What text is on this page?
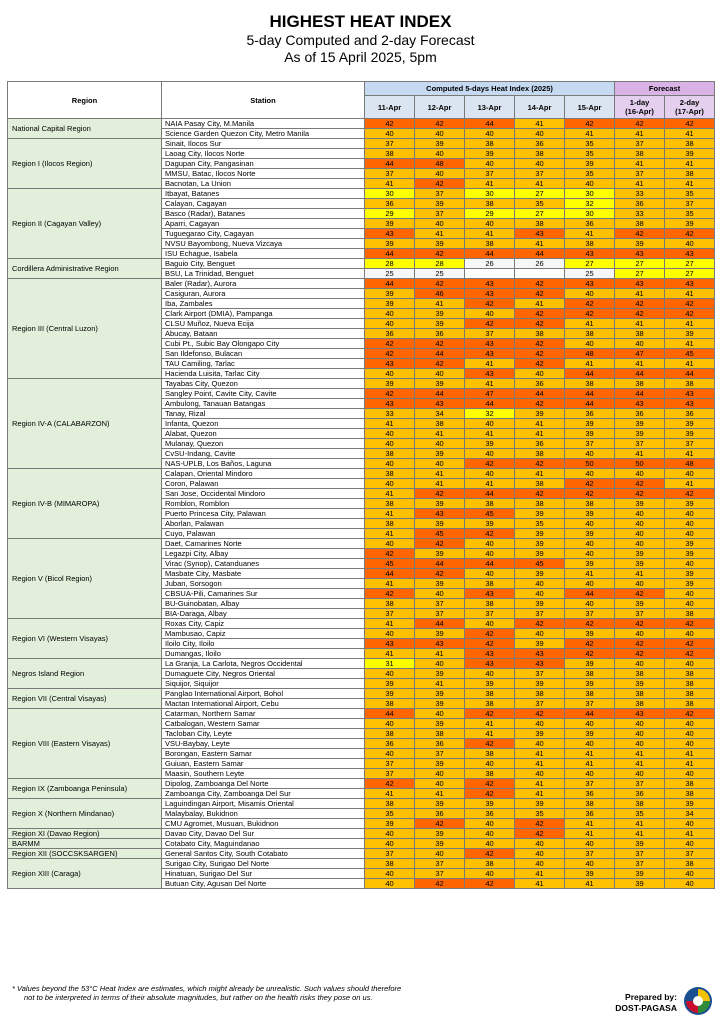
HIGHEST HEAT INDEX
5-day Computed and 2-day Forecast
As of 15 April 2025, 5pm
Region	Station	Computed 5-days Heat Index (2025)					Forecast	
		11-Apr	12-Apr	13-Apr	14-Apr	15-Apr	1-day
(16-Apr)	2-day
(17-Apr)
National Capital Region	NAIA Pasay City, M.Manila	42	42	44	41	42	42	42
	Science Garden Quezon City, Metro Manila	40	40	40	40	41	41	41
Region I (Ilocos Region)	Sinait, Ilocos Sur	37	39	38	36	35	37	38
	Laoag City, Ilocos Norte	38	40	39	38	35	38	39
	Dagupan City, Pangasinan	44	48	40	40	39	41	41
	MMSU, Batac, Ilocos Norte	37	40	37	37	35	37	38
	Bacnotan, La Union	41	42	41	41	40	41	41
Region II (Cagayan Valley)	Itbayat, Batanes	30	37	30	27	30	33	35
	Calayan, Cagayan	36	39	38	35	32	36	37
	Basco (Radar), Batanes	29	37	29	27	30	33	35
	Aparri, Cagayan	39	40	40	38	36	38	39
	Tuguegarao City, Cagayan	43	41	41	43	41	42	42
	NVSU Bayombong, Nueva Vizcaya	39	39	38	41	38	39	40
	ISU Echague, Isabela	44	42	44	44	43	43	43
Cordillera Administrative Region	Baguio City, Benguet	28	28	26	26	27	27	27
	BSU, La Trinidad, Benguet	25	25			25	27	27
Region III (Central Luzon)	Baler (Radar), Aurora	44	42	43	42	43	43	43
	Casiguran, Aurora	39	46	43	42	40	41	41
	Iba, Zambales	39	41	42	41	42	42	42
	Clark Airport (DMIA), Pampanga	40	39	40	42	42	42	42
	CLSU Muñoz, Nueva Ecija	40	39	42	42	41	41	41
	Abucay, Bataan	36	36	37	38	38	38	39
	Cubi Pt., Subic Bay Olongapo City	42	42	43	42	40	40	41
	San Ildefonso, Bulacan	42	44	43	42	48	47	45
	TAU Camiling, Tarlac	43	42	41	42	41	41	41
	Hacienda Luisita, Tarlac City	40	40	43	40	44	44	44
Region IV-A (CALABARZON)	Tayabas City, Quezon	39	39	41	36	38	38	38
	Sangley Point, Cavite City, Cavite	42	44	47	44	44	44	43
	Ambulong, Tanauan Batangas	43	43	44	42	44	43	43
	Tanay, Rizal	33	34	32	39	36	36	36
	Infanta, Quezon	41	38	40	41	39	39	39
	Alabat, Quezon	40	41	41	41	39	39	39
	Mulanay, Quezon	40	40	39	36	37	37	37
	CvSU-Indang, Cavite	38	39	40	38	40	41	41
	NAS-UPLB, Los Baños, Laguna	40	40	42	42	50	50	48
Region IV-B (MIMAROPA)	Calapan, Oriental Mindoro	38	41	40	41	40	40	40
	Coron, Palawan	40	41	41	38	42	42	41
	San Jose, Occidental Mindoro	41	42	44	42	42	42	42
	Romblon, Romblon	38	39	38	38	38	39	39
	Puerto Princesa City, Palawan	41	43	45	39	39	40	40
	Aborlan, Palawan	38	39	39	35	40	40	40
	Cuyo, Palawan	41	45	42	39	39	40	40
Region V (Bicol Region)	Daet, Camarines Norte	40	42	40	39	40	40	39
	Legazpi City, Albay	42	39	40	39	40	39	39
	Virac (Synop), Catanduanes	45	44	44	45	39	39	40
	Masbate City, Masbate	44	42	40	39	41	41	39
	Juban, Sorsogon	41	39	38	40	40	40	39
	CBSUA-Pili, Camarines Sur	42	40	43	40	44	42	40
	BU-Guinobatan, Albay	38	37	38	39	40	39	40
	BIA-Daraga, Albay	37	37	37	37	37	37	38
Region VI (Western Visayas)	Roxas City, Capiz	41	44	40	42	42	42	42
	Mambusao, Capiz	40	39	42	40	39	40	40
	Iloilo City, Iloilo	43	43	42	39	42	42	42
	Dumangas, Iloilo	41	41	43	43	42	42	42
Negros Island Region	La Granja, La Carlota, Negros Occidental	31	40	43	43	39	40	40
	Dumaguete City, Negros Oriental	40	39	40	37	38	38	38
	Siquijor, Siquijor	39	41	39	39	39	39	38
Region VII (Central Visayas)	Panglao International Airport, Bohol	39	39	38	38	38	38	38
	Mactan International Airport, Cebu	38	39	38	37	37	38	38
Region VIII (Eastern Visayas)	Catarman, Northern Samar	44	40	42	42	44	43	42
	Catbalogan, Western Samar	40	39	41	40	40	40	40
	Tacloban City, Leyte	38	38	41	39	39	40	40
	VSU-Baybay, Leyte	36	36	42	40	40	40	40
	Borongan, Eastern Samar	40	37	38	41	41	41	41
	Guiuan, Eastern Samar	37	39	40	41	41	41	41
	Maasin, Southern Leyte	37	40	38	40	40	40	40
Region IX (Zamboanga Peninsula)	Dipolog, Zamboanga Del Norte	42	40	42	41	37	37	38
	Zamboanga City, Zamboanga Del Sur	41	41	42	41	36	36	38
Region X (Northern Mindanao)	Laguindingan Airport, Misamis Oriental	38	39	39	39	38	38	39
	Malaybalay, Bukidnon	35	36	36	35	36	35	34
	CMU Agromet, Musuan, Bukidnon	39	42	40	42	41	41	40
Region XI (Davao Region)	Davao City, Davao Del Sur	40	39	40	42	41	41	41
BARMM	Cotabato City, Maguindanao	40	39	40	40	40	39	40
Region XII (SOCCSKSARGEN)	General Santos City, South Cotabato	37	40	42	40	37	37	37
Region XIII (Caraga)	Surigao City, Surigao Del Norte	38	37	38	40	40	37	38
	Hinatuan, Surigao Del Sur	40	37	40	41	39	39	40
	Butuan City, Agusan Del Norte	40	42	42	41	41	39	40
* Values beyond the 53°C Heat Index are estimates, which might already be unrealistic. Such values should therefore
not to be interpreted in terms of their absolute magnitudes, but rather on the health risks they pose on us.	Prepared by:
DOST-PAGASA
